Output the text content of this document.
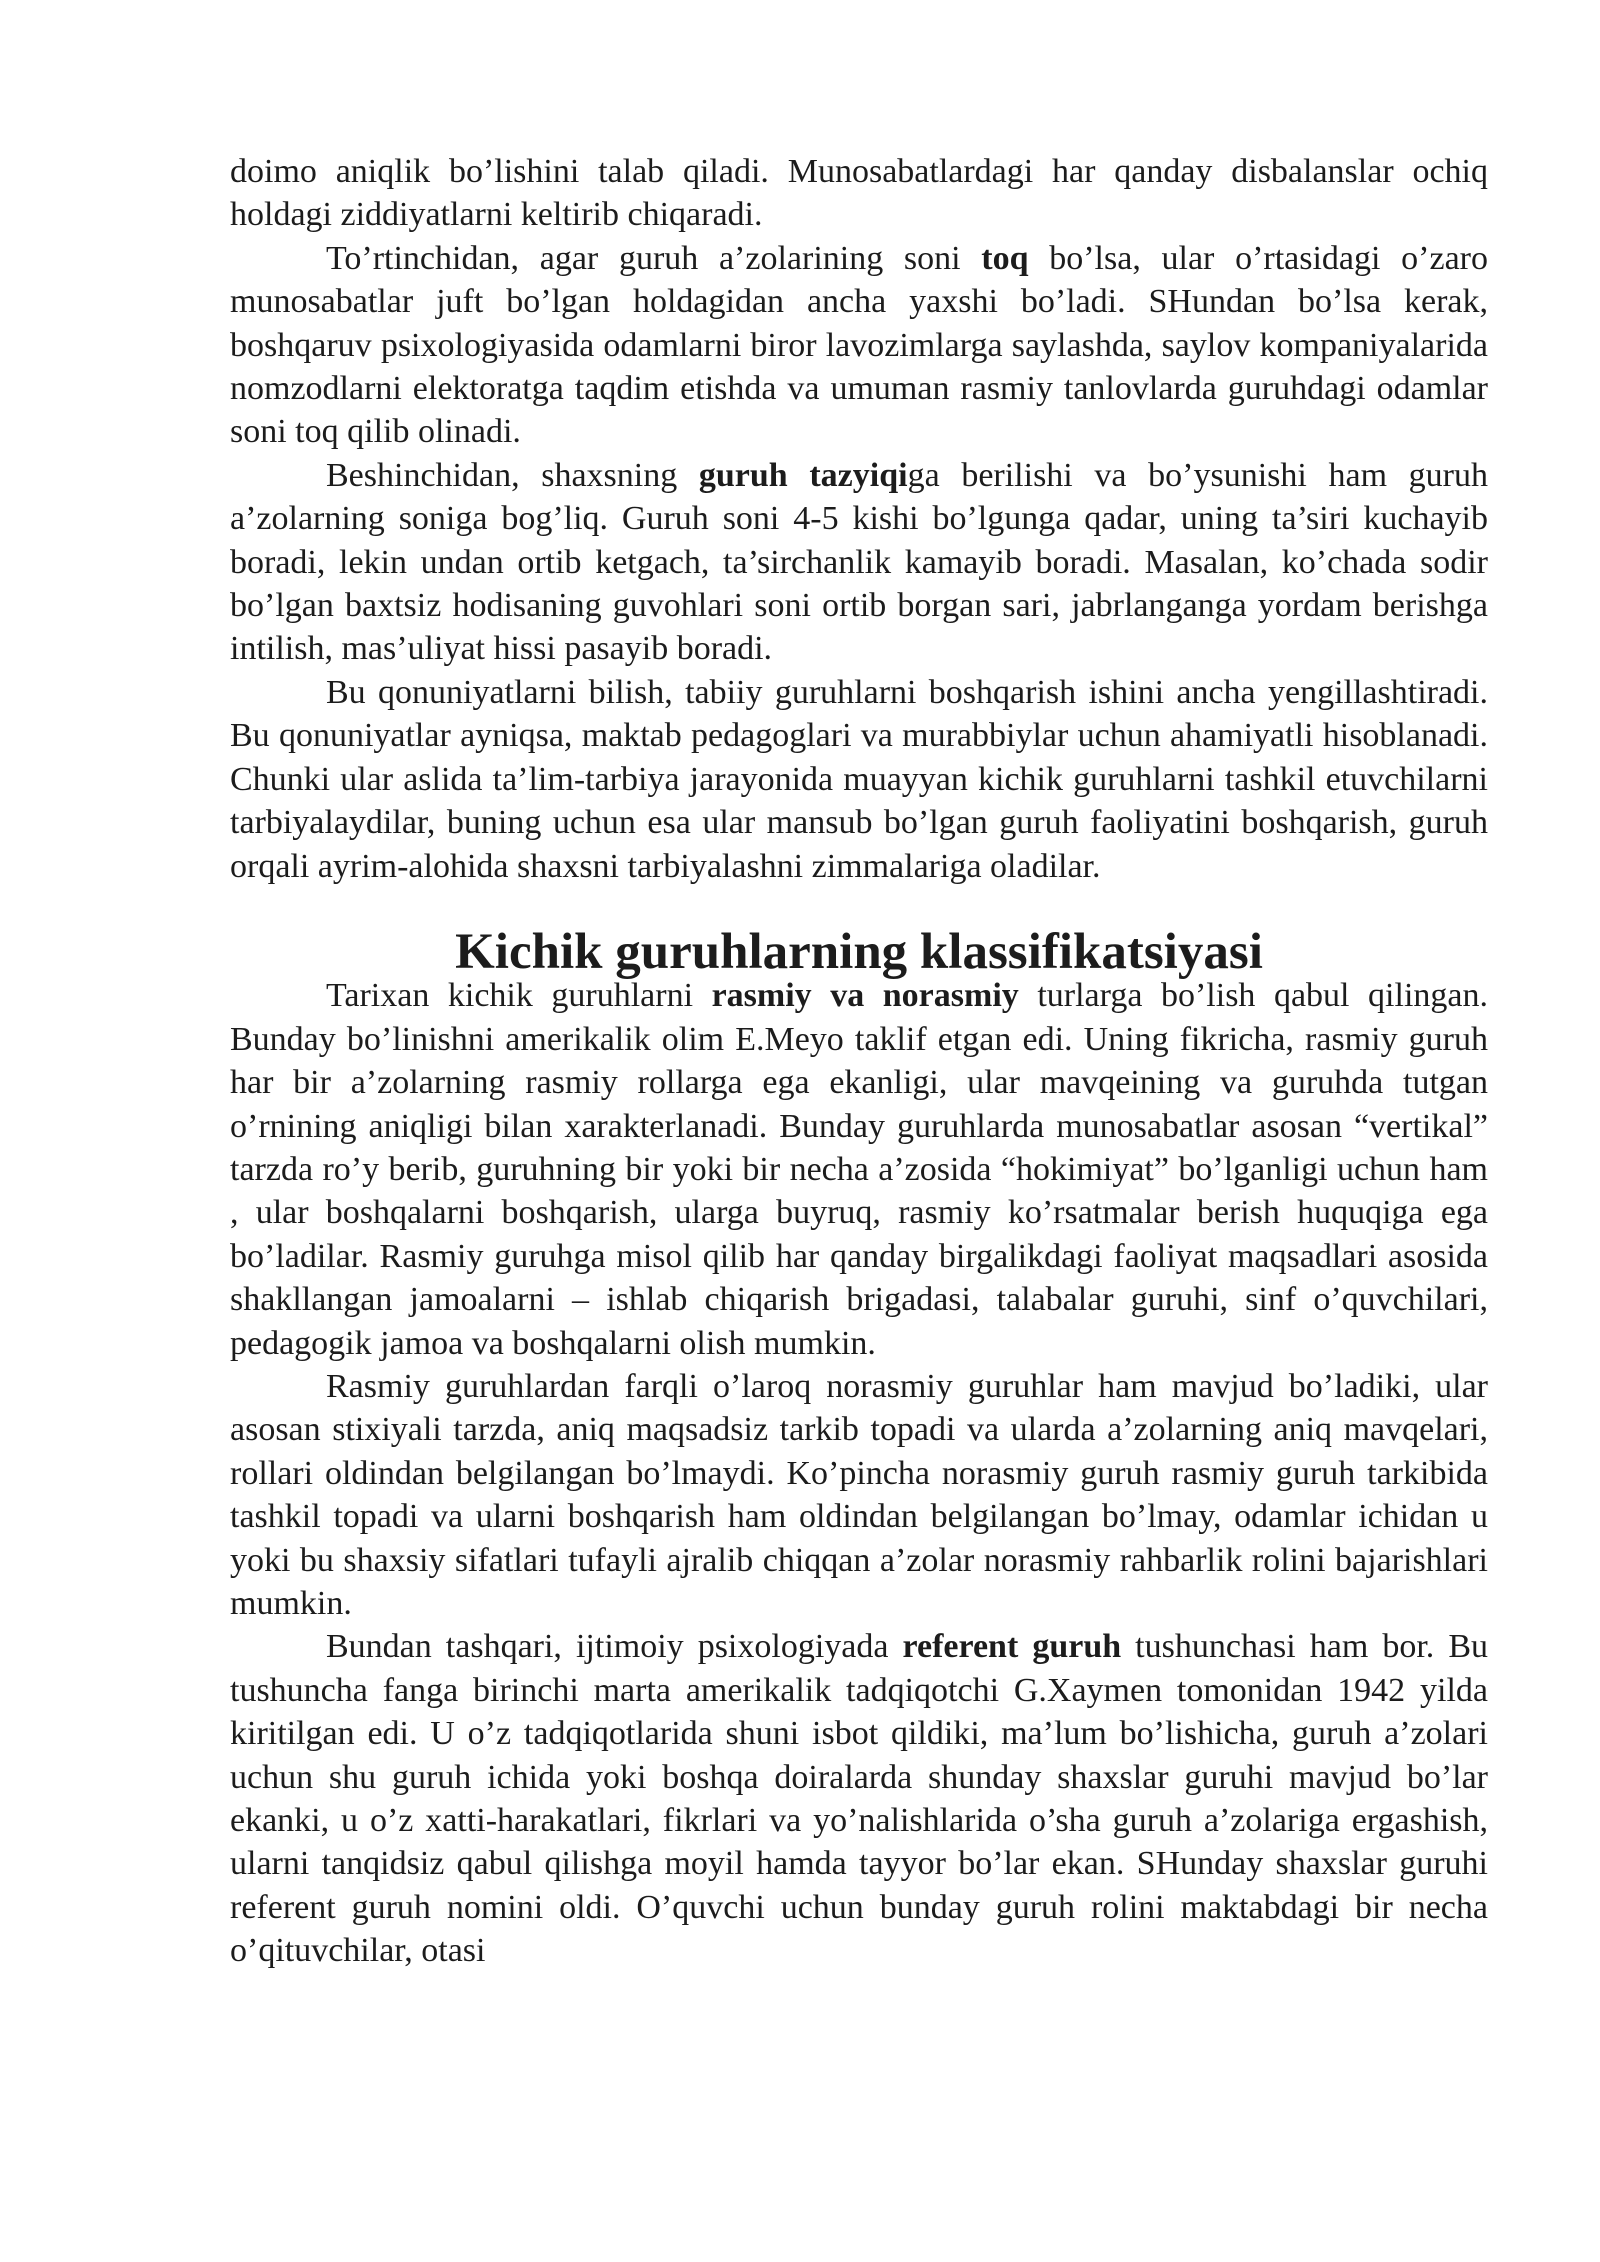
doimo aniqlik bo’lishini talab qiladi. Munosabatlardagi har qanday disbalanslar ochiq holdagi ziddiyatlarni keltirib chiqaradi.

To’rtinchidan, agar guruh a’zolarining soni toq bo’lsa, ular o’rtasidagi o’zaro munosabatlar juft bo’lgan holdagidan ancha yaxshi bo’ladi. SHundan bo’lsa kerak, boshqaruv psixologiyasida odamlarni biror lavozimlarga saylashda, saylov kompaniyalarida nomzodlarni elektoratga taqdim etishda va umuman rasmiy tanlovlarda guruhdagi odamlar soni toq qilib olinadi.

Beshinchidan, shaxsning guruh tazyiqiga berilishi va bo’ysunishi ham guruh a’zolarning soniga bog’liq. Guruh soni 4-5 kishi bo’lgunga qadar, uning ta’siri kuchayib boradi, lekin undan ortib ketgach, ta’sirchanlik kamayib boradi. Masalan, ko’chada sodir bo’lgan baxtsiz hodisaning guvohlari soni ortib borgan sari, jabrlanganga yordam berishga intilish, mas’uliyat hissi pasayib boradi.

Bu qonuniyatlarni bilish, tabiiy guruhlarni boshqarish ishini ancha yengillashtiradi. Bu qonuniyatlar ayniqsa, maktab pedagoglari va murabbiylar uchun ahamiyatli hisoblanadi. Chunki ular aslida ta’lim-tarbiya jarayonida muayyan kichik guruhlarni tashkil etuvchilarni tarbiyalaydilar, buning uchun esa ular mansub bo’lgan guruh faoliyatini boshqarish, guruh orqali ayrim-alohida shaxsni tarbiyalashni zimmalariga oladilar.

Kichik guruhlarning klassifikatsiyasi

Tarixan kichik guruhlarni rasmiy va norasmiy turlarga bo’lish qabul qilingan. Bunday bo’linishni amerikalik olim E.Meyo taklif etgan edi. Uning fikricha, rasmiy guruh har bir a’zolarning rasmiy rollarga ega ekanligi, ular mavqeining va guruhda tutgan o’rnining aniqligi bilan xarakterlanadi. Bunday guruhlarda munosabatlar asosan “vertikal” tarzda ro’y berib, guruhning bir yoki bir necha a’zosida “hokimiyat” bo’lganligi uchun ham , ular boshqalarni boshqarish, ularga buyruq, rasmiy ko’rsatmalar berish huquqiga ega bo’ladilar. Rasmiy guruhga misol qilib har qanday birgalikdagi faoliyat maqsadlari asosida shakllangan jamoalarni – ishlab chiqarish brigadasi, talabalar guruhi, sinf o’quvchilari, pedagogik jamoa va boshqalarni olish mumkin.

Rasmiy guruhlardan farqli o’laroq norasmiy guruhlar ham mavjud bo’ladiki, ular asosan stixiyali tarzda, aniq maqsadsiz tarkib topadi va ularda a’zolarning aniq mavqelari, rollari oldindan belgilangan bo’lmaydi. Ko’pincha norasmiy guruh rasmiy guruh tarkibida tashkil topadi va ularni boshqarish ham oldindan belgilangan bo’lmay, odamlar ichidan u yoki bu shaxsiy sifatlari tufayli ajralib chiqqan a’zolar norasmiy rahbarlik rolini bajarishlari mumkin.

Bundan tashqari, ijtimoiy psixologiyada referent guruh tushunchasi ham bor. Bu tushuncha fanga birinchi marta amerikalik tadqiqotchi G.Xaymen tomonidan 1942 yilda kiritilgan edi. U o’z tadqiqotlarida shuni isbot qildiki, ma’lum bo’lishicha, guruh a’zolari uchun shu guruh ichida yoki boshqa doiralarda shunday shaxslar guruhi mavjud bo’lar ekanki, u o’z xatti-harakatlari, fikrlari va yo’nalishlarida o’sha guruh a’zolariga ergashish, ularni tanqidsiz qabul qilishga moyil hamda tayyor bo’lar ekan. SHunday shaxslar guruhi referent guruh nomini oldi. O’quvchi uchun bunday guruh rolini maktabdagi bir necha o’qituvchilar, otasi
